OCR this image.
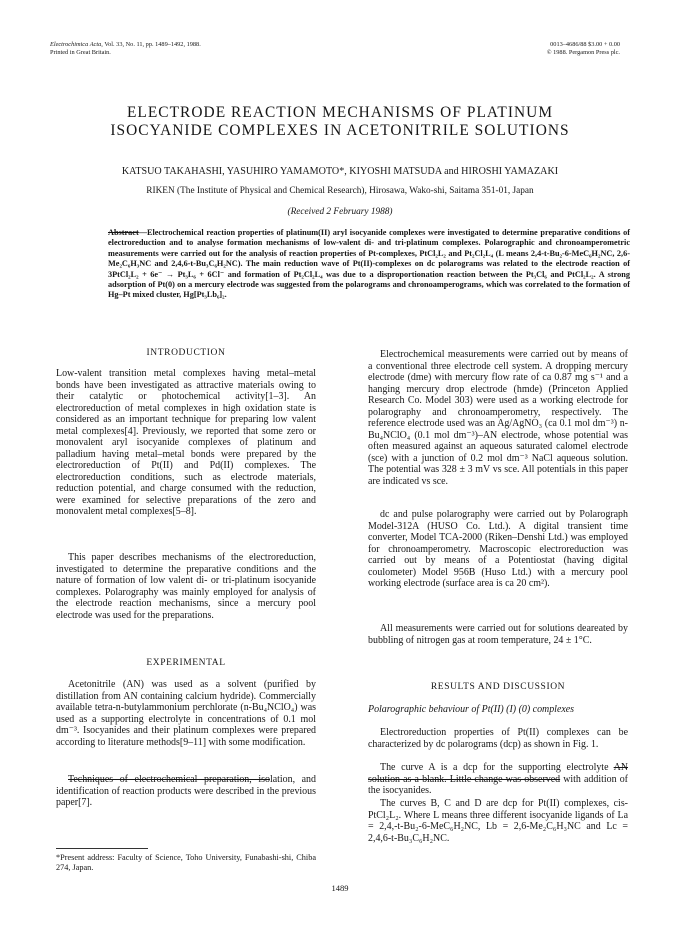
Electrochimica Acta, Vol. 33, No. 11, pp. 1489–1492, 1988.
Printed in Great Britain.
0013–4686/88 $3.00 + 0.00
© 1988. Pergamon Press plc.
ELECTRODE REACTION MECHANISMS OF PLATINUM
ISOCYANIDE COMPLEXES IN ACETONITRILE SOLUTIONS
KATSUO TAKAHASHI, YASUHIRO YAMAMOTO*, KIYOSHI MATSUDA and HIROSHI YAMAZAKI
RIKEN (The Institute of Physical and Chemical Research), Hirosawa, Wako-shi, Saitama 351-01, Japan
(Received 2 February 1988)
Abstract—Electrochemical reaction properties of platinum(II) aryl isocyanide complexes were investigated to determine preparative conditions of electroreduction and to analyse formation mechanisms of low-valent di- and tri-platinum complexes. Polarographic and chronoamperometric measurements were carried out for the analysis of reaction properties of Pt-complexes, PtCl₂L₂ and Pt₂Cl₂L₄ (L means 2,4-t-Bu₂-6-MeC₆H₂NC, 2,6-Me₂C₆H₃NC and 2,4,6-t-Bu₃C₆H₂NC). The main reduction wave of Pt(II)-complexes on dc polarograms was related to the electrode reaction of 3PtCl₂L₂ + 6e⁻ → Pt₃L₆ + 6Cl⁻ and formation of Pt₂Cl₂L₄ was due to a disproportionation reaction between the Pt₃Cl₆ and PtCl₂L₂. A strong adsorption of Pt(0) on a mercury electrode was suggested from the polarograms and chronoamperograms, which was correlated to the formation of Hg–Pt mixed cluster, Hg[Pt₃Lb₆]₂.
INTRODUCTION
Low-valent transition metal complexes having metal–metal bonds have been investigated as attractive materials owing to their catalytic or photochemical activity[1–3]. An electroreduction of metal complexes in high oxidation state is considered as an important technique for preparing low valent metal complexes[4]. Previously, we reported that some zero or monovalent aryl isocyanide complexes of platinum and palladium having metal–metal bonds were prepared by the electroreduction of Pt(II) and Pd(II) complexes. The electroreduction conditions, such as electrode materials, reduction potential, and charge consumed with the reduction, were examined for selective preparations of the zero and monovalent metal complexes[5–8].
This paper describes mechanisms of the electroreduction, investigated to determine the preparative conditions and the nature of formation of low valent di- or tri-platinum isocyanide complexes. Polarography was mainly employed for analysis of the electrode reaction mechanisms, since a mercury pool electrode was used for the preparations.
EXPERIMENTAL
Acetonitrile (AN) was used as a solvent (purified by distillation from AN containing calcium hydride). Commercially available tetra-n-butylammonium perchlorate (n-Bu₄NClO₄) was used as a supporting electrolyte in concentrations of 0.1 mol dm⁻³. Isocyanides and their platinum complexes were prepared according to literature methods[9–11] with some modification.
Techniques of electrochemical preparation, isolation, and identification of reaction products were described in the previous paper[7].
*Present address: Faculty of Science, Toho University, Funabashi-shi, Chiba 274, Japan.
Electrochemical measurements were carried out by means of a conventional three electrode cell system. A dropping mercury electrode (dme) with mercury flow rate of ca 0.87 mg s⁻¹ and a hanging mercury drop electrode (hmde) (Princeton Applied Research Co. Model 303) were used as a working electrode for polarography and chronoamperometry, respectively. The reference electrode used was an Ag/AgNO₃ (ca 0.1 mol dm⁻³) n-Bu₄NClO₄ (0.1 mol dm⁻³)–AN electrode, whose potential was often measured against an aqueous saturated calomel electrode (sce) with a junction of 0.2 mol dm⁻³ NaCl aqueous solution. The potential was 328 ± 3 mV vs sce. All potentials in this paper are indicated vs sce.
dc and pulse polarography were carried out by Polarograph Model-312A (HUSO Co. Ltd.). A digital transient time converter, Model TCA-2000 (Riken–Denshi Ltd.) was employed for chronoamperometry. Macroscopic electroreduction was carried out by means of a Potentiostat (having digital coulometer) Model 956B (Huso Ltd.) with a mercury pool working electrode (surface area is ca 20 cm²).
All measurements were carried out for solutions deareated by bubbling of nitrogen gas at room temperature, 24 ± 1°C.
RESULTS AND DISCUSSION
Polarographic behaviour of Pt(II) (I) (0) complexes
Electroreduction properties of Pt(II) complexes can be characterized by dc polarograms (dcp) as shown in Fig. 1.
The curve A is a dcp for the supporting electrolyte AN solution as a blank. Little change was observed with addition of the isocyanides.
The curves B, C and D are dcp for Pt(II) complexes, cis-PtCl₂L₂. Where L means three different isocyanide ligands of La = 2,4,-t-Bu₂-6-MeC₆H₂NC, Lb = 2,6-Me₂C₆H₃NC and Lc = 2,4,6-t-Bu₃C₆H₂NC.
1489
